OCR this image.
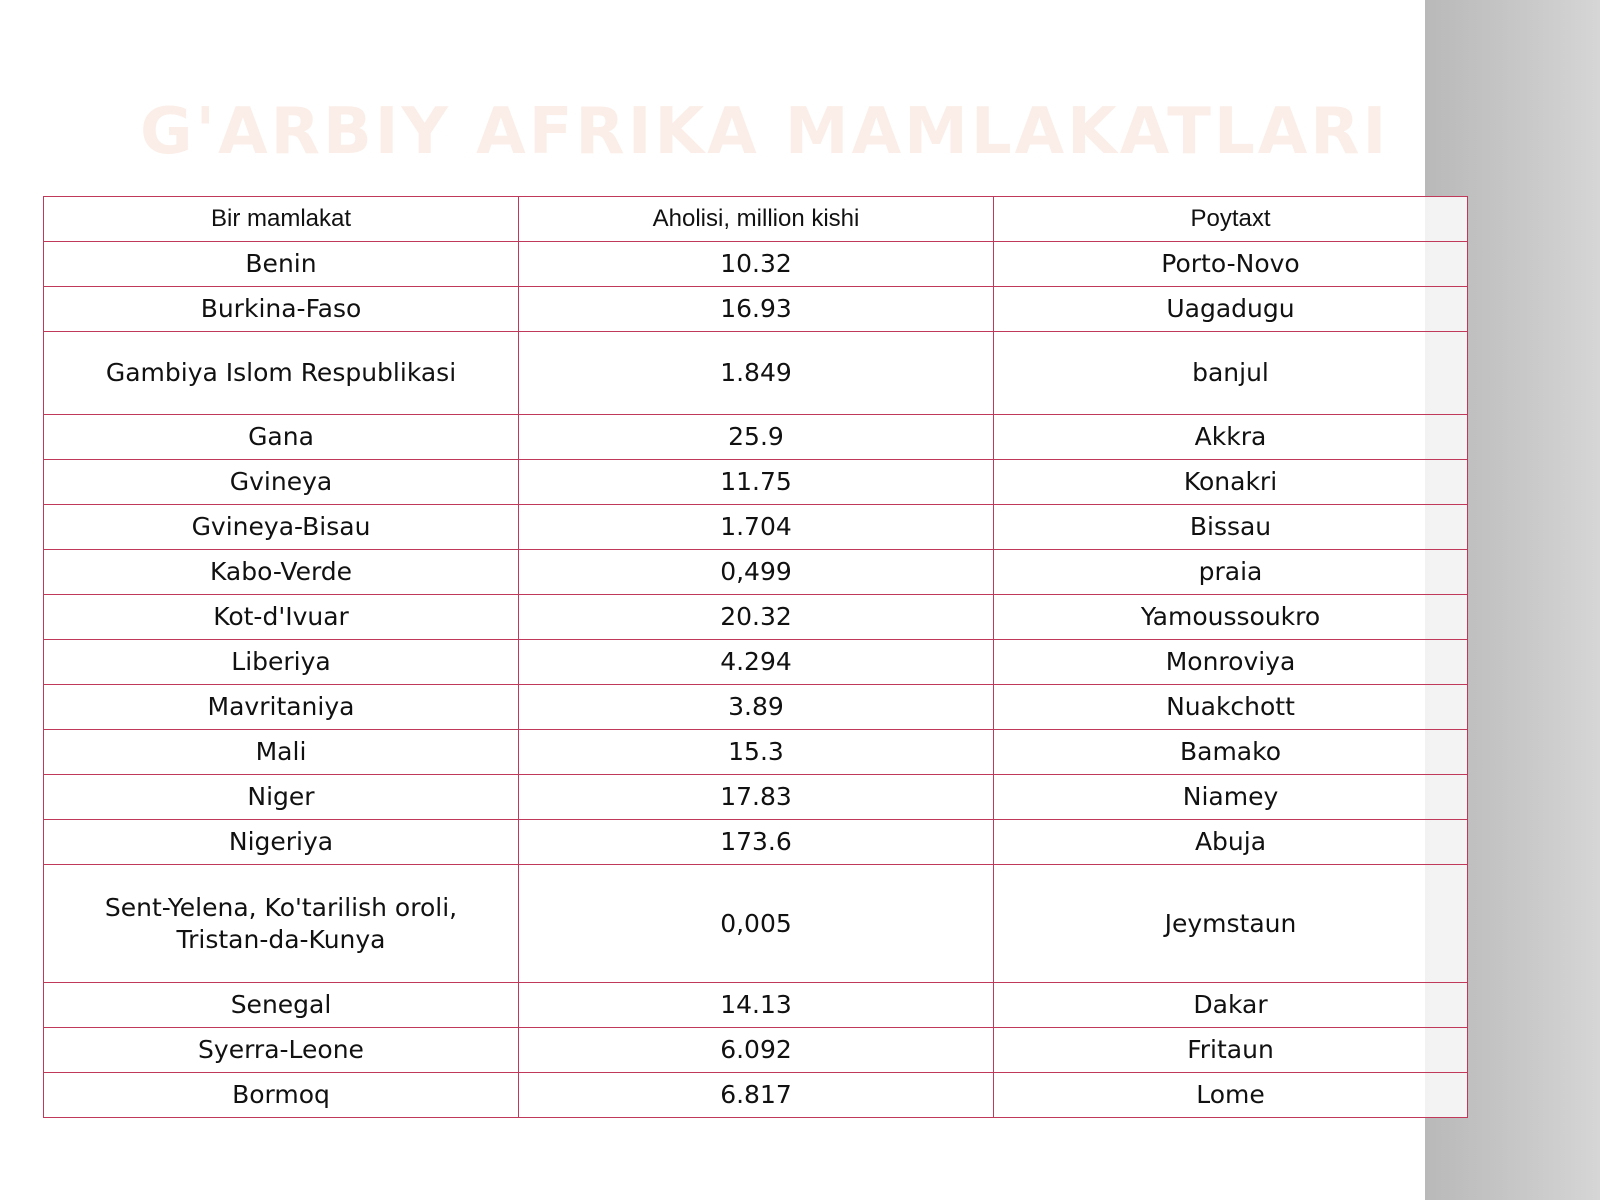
G'ARBIY AFRIKA MAMLAKATLARI
Bir mamlakat	Aholisi, million kishi	Poytaxt
Benin	10.32	Porto-Novo
Burkina-Faso	16.93	Uagadugu
Gambiya Islom Respublikasi	1.849	banjul
Gana	25.9	Akkra
Gvineya	11.75	Konakri
Gvineya-Bisau	1.704	Bissau
Kabo-Verde	0,499	praia
Kot-d'Ivuar	20.32	Yamoussoukro
Liberiya	4.294	Monroviya
Mavritaniya	3.89	Nuakchott
Mali	15.3	Bamako
Niger	17.83	Niamey
Nigeriya	173.6	Abuja
Sent-Yelena, Ko'tarilish oroli, Tristan-da-Kunya	0,005	Jeymstaun
Senegal	14.13	Dakar
Syerra-Leone	6.092	Fritaun
Bormoq	6.817	Lome
